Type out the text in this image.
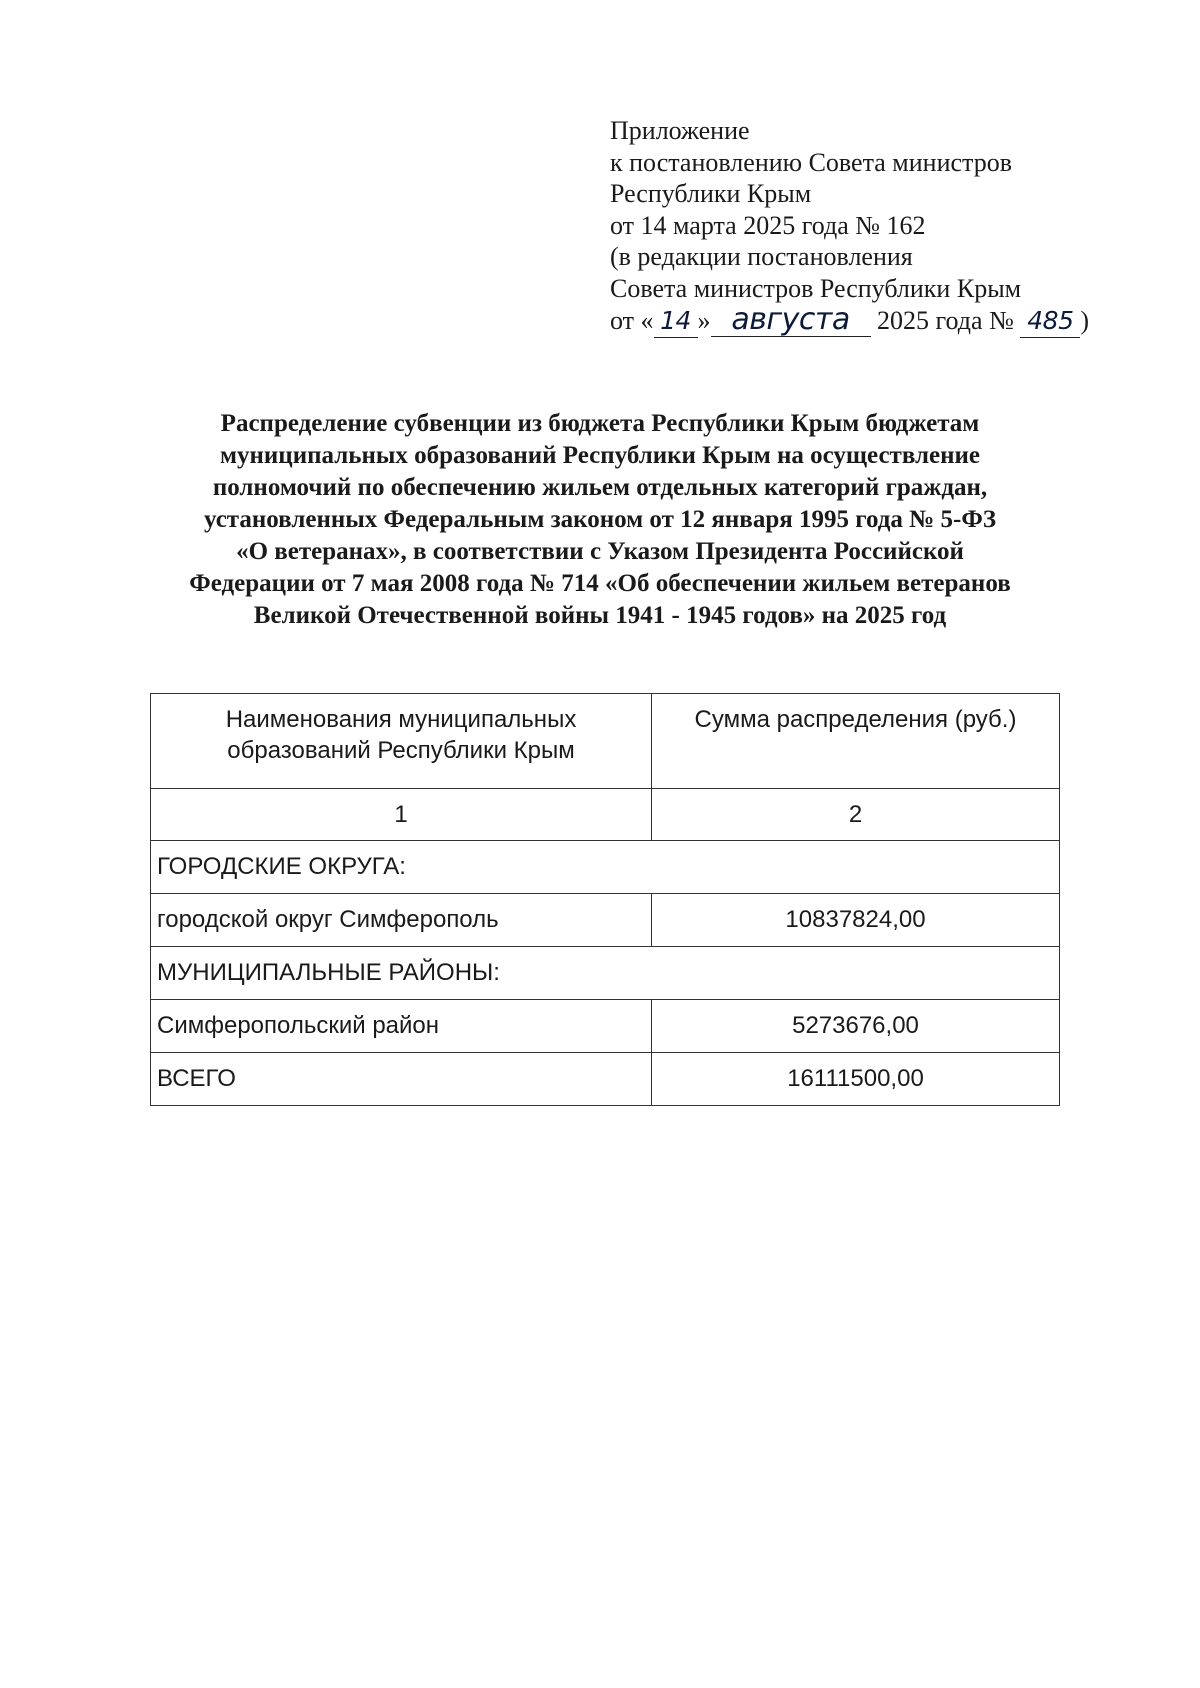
Приложение
к постановлению Совета министров
Республики Крым
от 14 марта 2025 года № 162
(в редакции постановления
Совета министров Республики Крым
от « 14 » августа 2025 года № 485 )
Распределение субвенции из бюджета Республики Крым бюджетам
муниципальных образований Республики Крым на осуществление
полномочий по обеспечению жильем отдельных категорий граждан,
установленных Федеральным законом от 12 января 1995 года № 5-ФЗ
«О ветеранах», в соответствии с Указом Президента Российской
Федерации от 7 мая 2008 года № 714 «Об обеспечении жильем ветеранов
Великой Отечественной войны 1941 - 1945 годов» на 2025 год
Наименования муниципальных
образований Республики Крым	Сумма распределения (руб.)
1	2
ГОРОДСКИЕ ОКРУГА:	
городской округ Симферополь	10837824,00
МУНИЦИПАЛЬНЫЕ РАЙОНЫ:	
Симферопольский район	5273676,00
ВСЕГО	16111500,00
